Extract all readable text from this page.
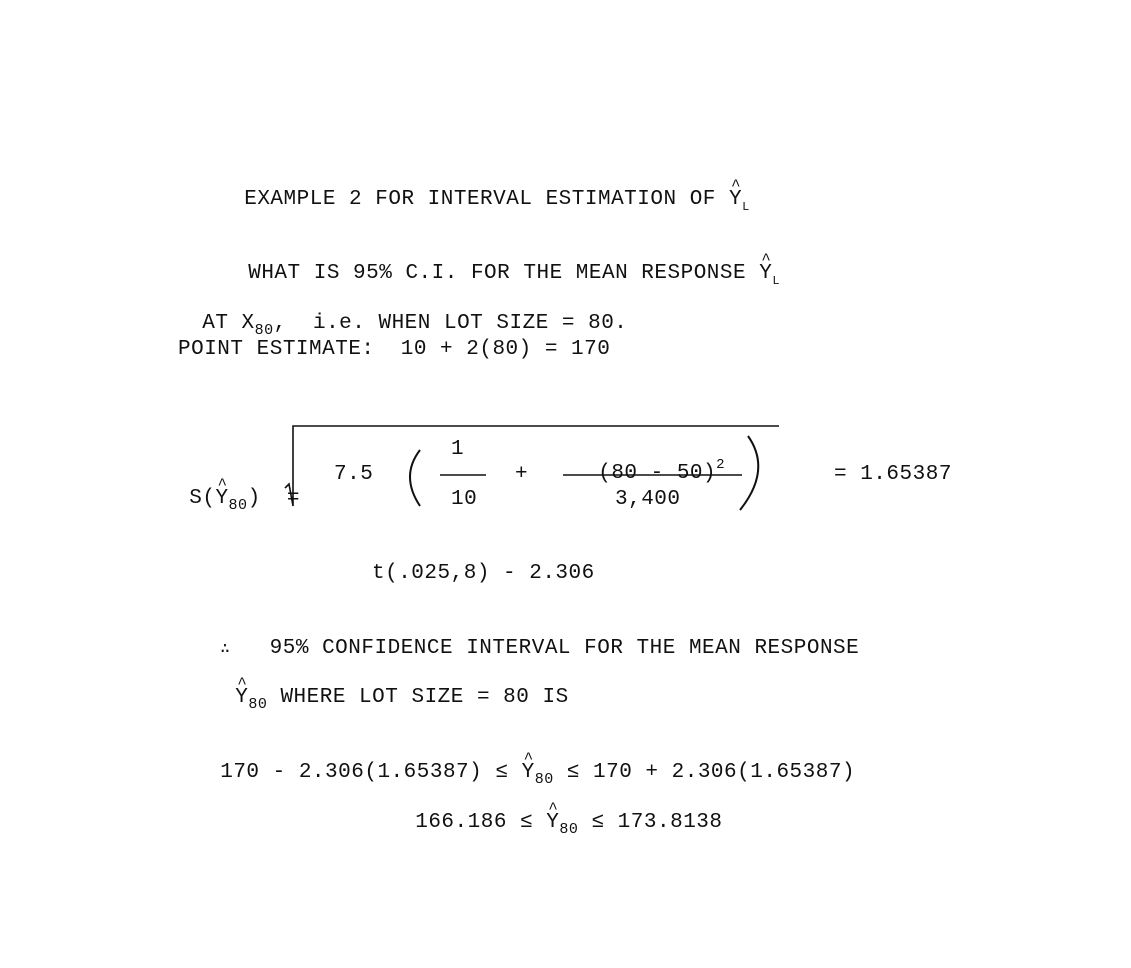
EXAMPLE 2 FOR INTERVAL ESTIMATION OF ^ $Y_L$

WHAT IS 95% C.I. FOR THE MEAN RESPONSE ^ $Y_L$

AT $X_{80}$,  i.e. WHEN LOT SIZE = 80.

POINT ESTIMATE:  10 + 2(80) = 170

S(^ $Y_{80}$)  =

7.5
1
10
+	(80 - 50)$^2$

3,400
= 1.65387
t(.025,8) - 2.306

∴ 95% CONFIDENCE INTERVAL FOR THE MEAN RESPONSE

^ $Y_{80}$ WHERE LOT SIZE = 80 IS

170 - 2.306(1.65387) ≤ ^ $Y_{80} \le 170 + 2.306(1.65387)$

166.186 ≤ ^ $Y_{80} \le 173.8138$
